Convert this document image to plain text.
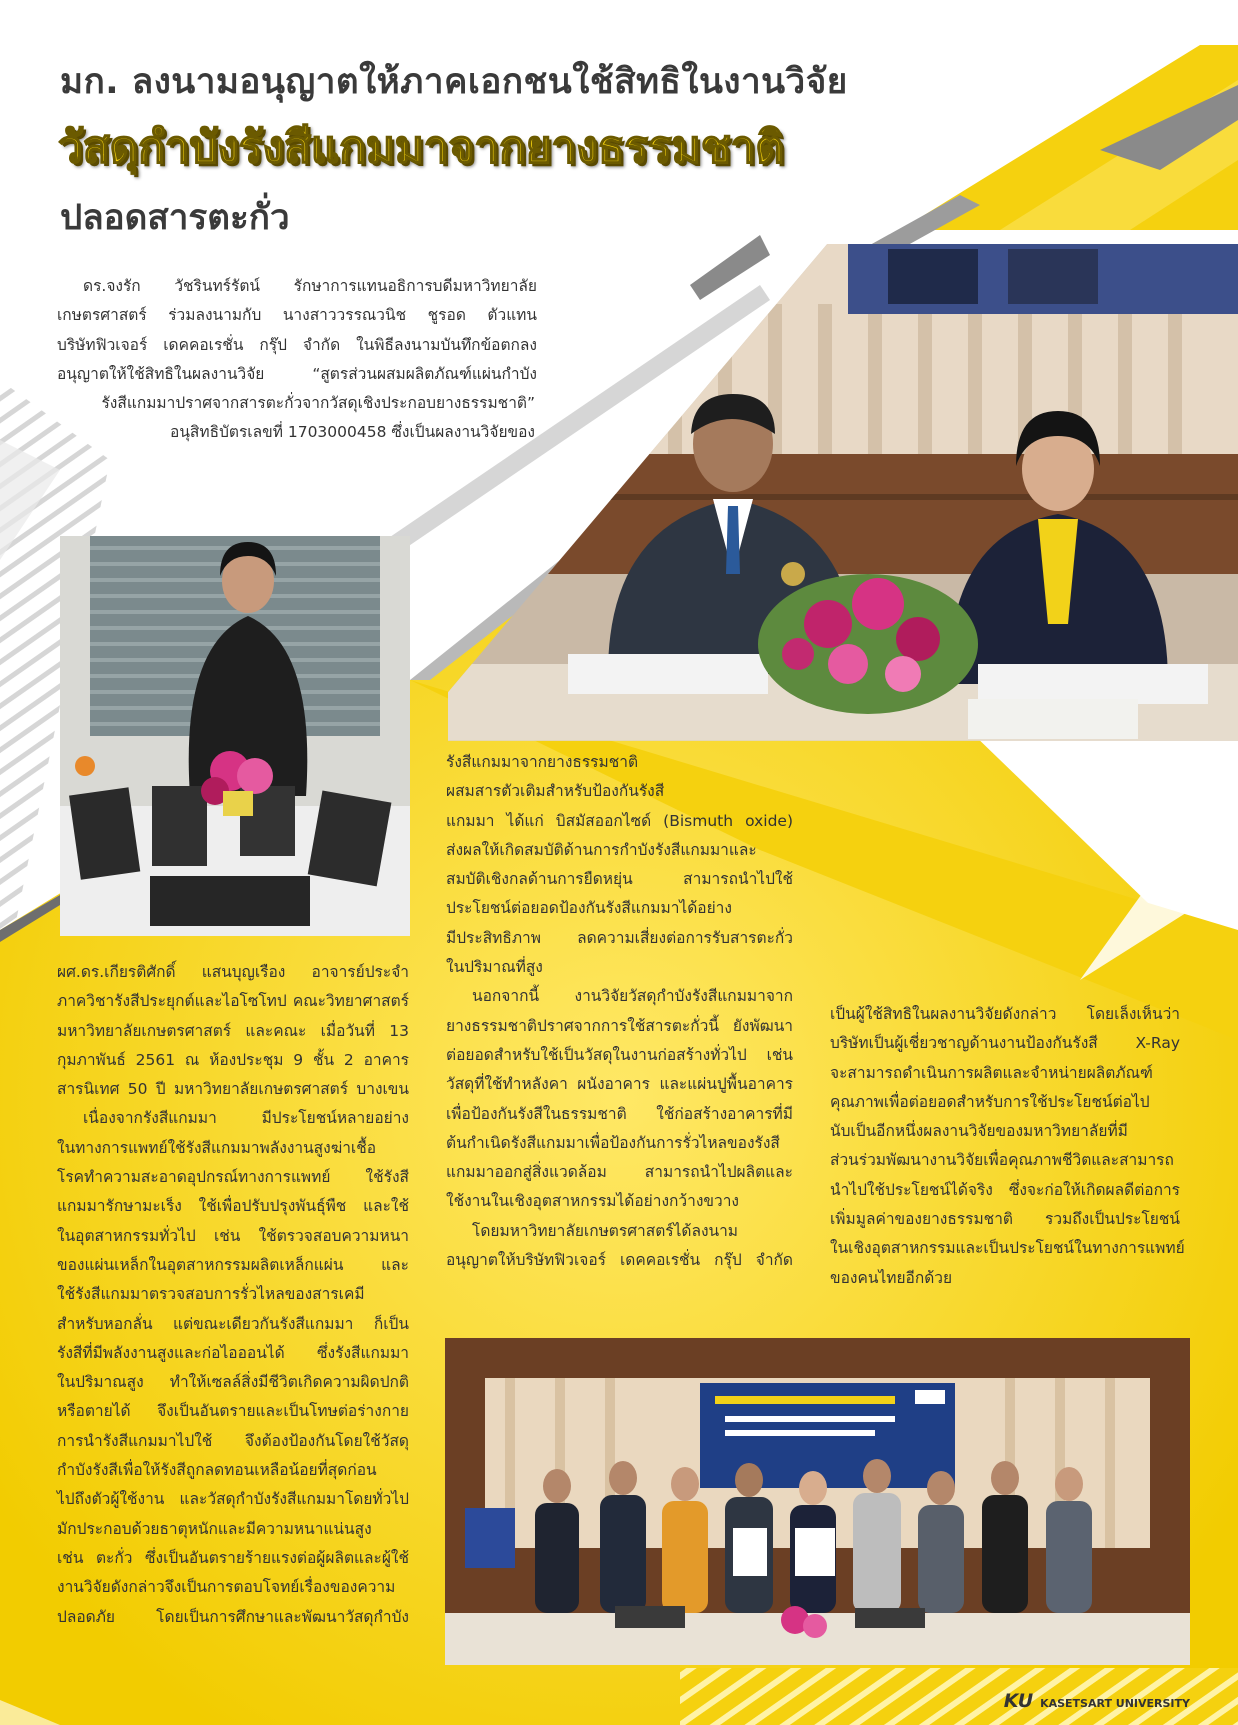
มก. ลงนามอนุญาตให้ภาคเอกชนใช้สิทธิในงานวิจัย
วัสดุกำบังรังสีแกมมาจากยางธรรมชาติ
ปลอดสารตะกั่ว

ดร.จงรัก วัชรินทร์รัตน์ รักษาการแทนอธิการบดีมหาวิทยาลัย

เกษตรศาสตร์ ร่วมลงนามกับ นางสาววรรณวนิช ชูรอด ตัวแทน

บริษัทฟิวเจอร์ เดคคอเรชั่น กรุ๊ป จำกัด ในพิธีลงนามบันทึกข้อตกลง

อนุญาตให้ใช้สิทธิในผลงานวิจัย “สูตรส่วนผสมผลิตภัณฑ์แผ่นกำบัง

รังสีแกมมาปราศจากสารตะกั่วจากวัสดุเชิงประกอบยางธรรมชาติ”

อนุสิทธิบัตรเลขที่ 1703000458 ซึ่งเป็นผลงานวิจัยของ

ผศ.ดร.เกียรติศักดิ์ แสนบุญเรือง อาจารย์ประจำ

ภาควิชารังสีประยุกต์และไอโซโทป คณะวิทยาศาสตร์

มหาวิทยาลัยเกษตรศาสตร์ และคณะ เมื่อวันที่ 13

กุมภาพันธ์ 2561 ณ ห้องประชุม 9 ชั้น 2 อาคาร

สารนิเทศ 50 ปี มหาวิทยาลัยเกษตรศาสตร์ บางเขน

เนื่องจากรังสีแกมมา มีประโยชน์หลายอย่าง

ในทางการแพทย์ใช้รังสีแกมมาพลังงานสูงฆ่าเชื้อ

โรคทำความสะอาดอุปกรณ์ทางการแพทย์ ใช้รังสี

แกมมารักษามะเร็ง ใช้เพื่อปรับปรุงพันธุ์พืช และใช้

ในอุตสาหกรรมทั่วไป เช่น ใช้ตรวจสอบความหนา

ของแผ่นเหล็กในอุตสาหกรรมผลิตเหล็กแผ่น และ

ใช้รังสีแกมมาตรวจสอบการรั่วไหลของสารเคมี

สำหรับหอกลั่น แต่ขณะเดียวกันรังสีแกมมา ก็เป็น

รังสีที่มีพลังงานสูงและก่อไอออนได้ ซึ่งรังสีแกมมา

ในปริมาณสูง ทำให้เซลล์สิ่งมีชีวิตเกิดความผิดปกติ

หรือตายได้ จึงเป็นอันตรายและเป็นโทษต่อร่างกาย

การนำรังสีแกมมาไปใช้ จึงต้องป้องกันโดยใช้วัสดุ

กำบังรังสีเพื่อให้รังสีถูกลดทอนเหลือน้อยที่สุดก่อน

ไปถึงตัวผู้ใช้งาน และวัสดุกำบังรังสีแกมมาโดยทั่วไป

มักประกอบด้วยธาตุหนักและมีความหนาแน่นสูง

เช่น ตะกั่ว ซึ่งเป็นอันตรายร้ายแรงต่อผู้ผลิตและผู้ใช้

งานวิจัยดังกล่าวจึงเป็นการตอบโจทย์เรื่องของความ

ปลอดภัย โดยเป็นการศึกษาและพัฒนาวัสดุกำบัง

รังสีแกมมาจากยางธรรมชาติ

ผสมสารตัวเติมสำหรับป้องกันรังสี

แกมมา ได้แก่ บิสมัสออกไซด์ (Bismuth oxide)

ส่งผลให้เกิดสมบัติด้านการกำบังรังสีแกมมาและ

สมบัติเชิงกลด้านการยืดหยุ่น สามารถนำไปใช้

ประโยชน์ต่อยอดป้องกันรังสีแกมมาได้อย่าง

มีประสิทธิภาพ ลดความเสี่ยงต่อการรับสารตะกั่ว

ในปริมาณที่สูง

นอกจากนี้ งานวิจัยวัสดุกำบังรังสีแกมมาจาก

ยางธรรมชาติปราศจากการใช้สารตะกั่วนี้ ยังพัฒนา

ต่อยอดสำหรับใช้เป็นวัสดุในงานก่อสร้างทั่วไป เช่น

วัสดุที่ใช้ทำหลังคา ผนังอาคาร และแผ่นปูพื้นอาคาร

เพื่อป้องกันรังสีในธรรมชาติ ใช้ก่อสร้างอาคารที่มี

ต้นกำเนิดรังสีแกมมาเพื่อป้องกันการรั่วไหลของรังสี

แกมมาออกสู่สิ่งแวดล้อม สามารถนำไปผลิตและ

ใช้งานในเชิงอุตสาหกรรมได้อย่างกว้างขวาง

โดยมหาวิทยาลัยเกษตรศาสตร์ได้ลงนาม

อนุญาตให้บริษัทฟิวเจอร์ เดคคอเรชั่น กรุ๊ป จำกัด

เป็นผู้ใช้สิทธิในผลงานวิจัยดังกล่าว โดยเล็งเห็นว่า

บริษัทเป็นผู้เชี่ยวชาญด้านงานป้องกันรังสี X-Ray

จะสามารถดำเนินการผลิตและจำหน่ายผลิตภัณฑ์

คุณภาพเพื่อต่อยอดสำหรับการใช้ประโยชน์ต่อไป

นับเป็นอีกหนึ่งผลงานวิจัยของมหาวิทยาลัยที่มี

ส่วนร่วมพัฒนางานวิจัยเพื่อคุณภาพชีวิตและสามารถ

นำไปใช้ประโยชน์ได้จริง ซึ่งจะก่อให้เกิดผลดีต่อการ

เพิ่มมูลค่าของยางธรรมชาติ รวมถึงเป็นประโยชน์

ในเชิงอุตสาหกรรมและเป็นประโยชน์ในทางการแพทย์

ของคนไทยอีกด้วย

KU KASETSART UNIVERSITY
